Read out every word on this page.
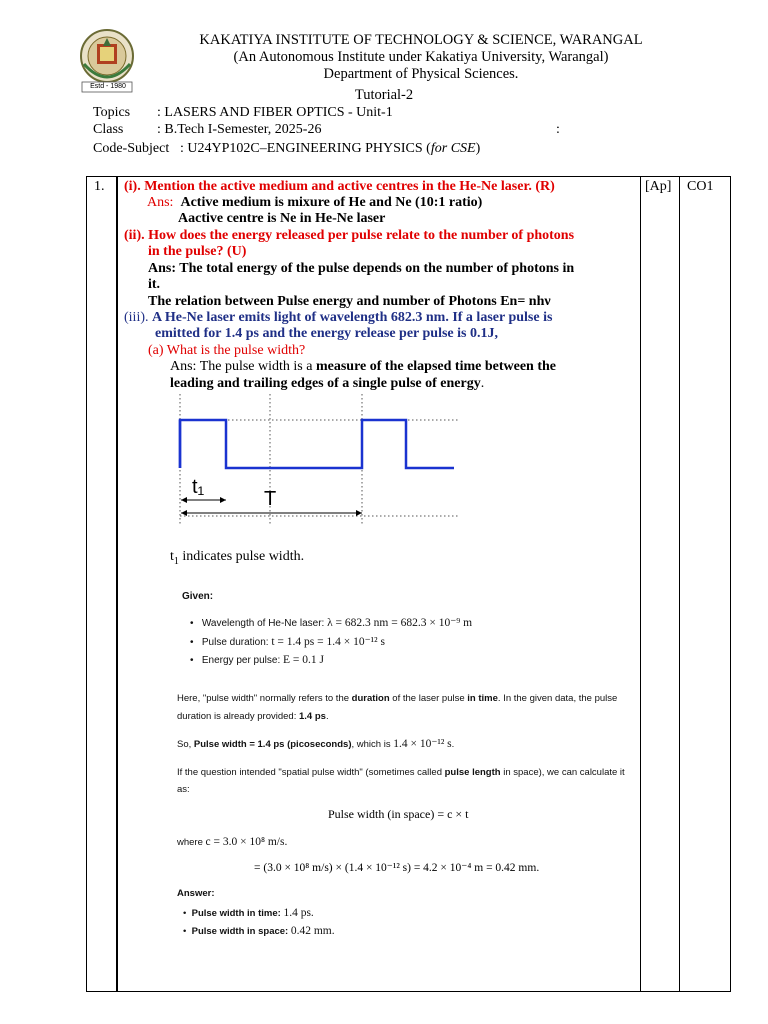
Estd - 1980
KAKATIYA INSTITUTE OF TECHNOLOGY & SCIENCE, WARANGAL
(An Autonomous Institute under Kakatiya University, Warangal)
Department of Physical Sciences.
Tutorial-2
Topics : LASERS AND FIBER OPTICS - Unit-1
Class : B.Tech I-Semester, 2025-26	:
Code-Subject : U24YP102C–ENGINEERING PHYSICS (for CSE)
1.	[Ap] CO1
(i). Mention the active medium and active centres in the He-Ne laser. (R)
Ans: Active medium is mixure of He and Ne (10:1 ratio)
Aactive centre is Ne in He-Ne laser
(ii). How does the energy released per pulse relate to the number of photons
in the pulse? (U)
Ans: The total energy of the pulse depends on the number of photons in
it.
The relation between Pulse energy and number of Photons En= nhν
(iii). A He-Ne laser emits light of wavelength 682.3 nm. If a laser pulse is
emitted for 1.4 ps and the energy release per pulse is 0.1J,
(a) What is the pulse width?
Ans: The pulse width is a measure of the elapsed time between the
leading and trailing edges of a single pulse of energy.
t₁
T
$t_1$ indicates pulse width.
Given:
• Wavelength of He-Ne laser: λ = 682.3 nm = 682.3 × 10⁻⁹ m
• Pulse duration: t = 1.4 ps = 1.4 × 10⁻¹² s
• Energy per pulse: E = 0.1 J
Here, "pulse width" normally refers to the duration of the laser pulse in time. In the given data, the pulse
duration is already provided: 1.4 ps.
So, Pulse width = 1.4 ps (picoseconds), which is 1.4 × 10⁻¹² s.
If the question intended "spatial pulse width" (sometimes called pulse length in space), we can calculate it
as:
Pulse width (in space) = c × t
where c = 3.0 × 10⁸ m/s.
= (3.0 × 10⁸ m/s) × (1.4 × 10⁻¹² s) = 4.2 × 10⁻⁴ m = 0.42 mm.
Answer:
• Pulse width in time: 1.4 ps.
• Pulse width in space: 0.42 mm.
